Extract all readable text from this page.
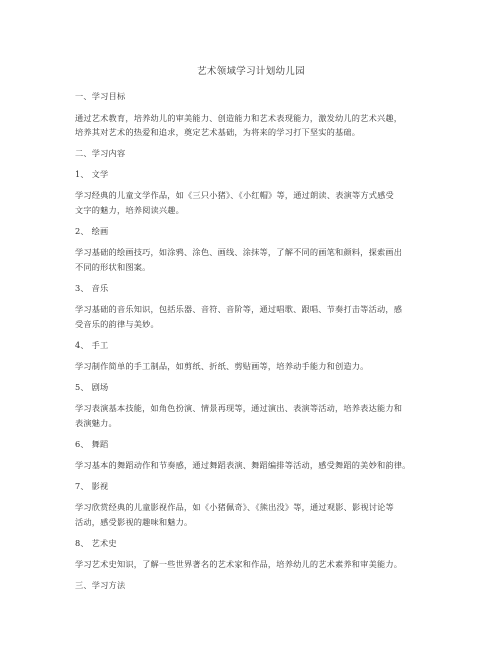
艺术领域学习计划幼儿园
一、学习目标
通过艺术教育，培养幼儿的审美能力、创造能力和艺术表现能力，激发幼儿的艺术兴趣，
培养其对艺术的热爱和追求，奠定艺术基础，为将来的学习打下坚实的基础。
二、学习内容
1、 文学
学习经典的儿童文学作品，如《三只小猪》、《小红帽》等，通过朗读、表演等方式感受
文字的魅力，培养阅读兴趣。
2、 绘画
学习基础的绘画技巧，如涂鸦、涂色、画线、涂抹等，了解不同的画笔和颜料，探索画出
不同的形状和图案。
3、 音乐
学习基础的音乐知识，包括乐器、音符、音阶等，通过唱歌、跟唱、节奏打击等活动，感
受音乐的韵律与美妙。
4、 手工
学习制作简单的手工制品，如剪纸、折纸、剪贴画等，培养动手能力和创造力。
5、 剧场
学习表演基本技能，如角色扮演、情景再现等，通过演出、表演等活动，培养表达能力和
表演魅力。
6、 舞蹈
学习基本的舞蹈动作和节奏感，通过舞蹈表演、舞蹈编排等活动，感受舞蹈的美妙和韵律。
7、 影视
学习欣赏经典的儿童影视作品，如《小猪佩奇》、《熊出没》等，通过观影、影视讨论等
活动，感受影视的趣味和魅力。
8、 艺术史
学习艺术史知识，了解一些世界著名的艺术家和作品，培养幼儿的艺术素养和审美能力。
三、学习方法
